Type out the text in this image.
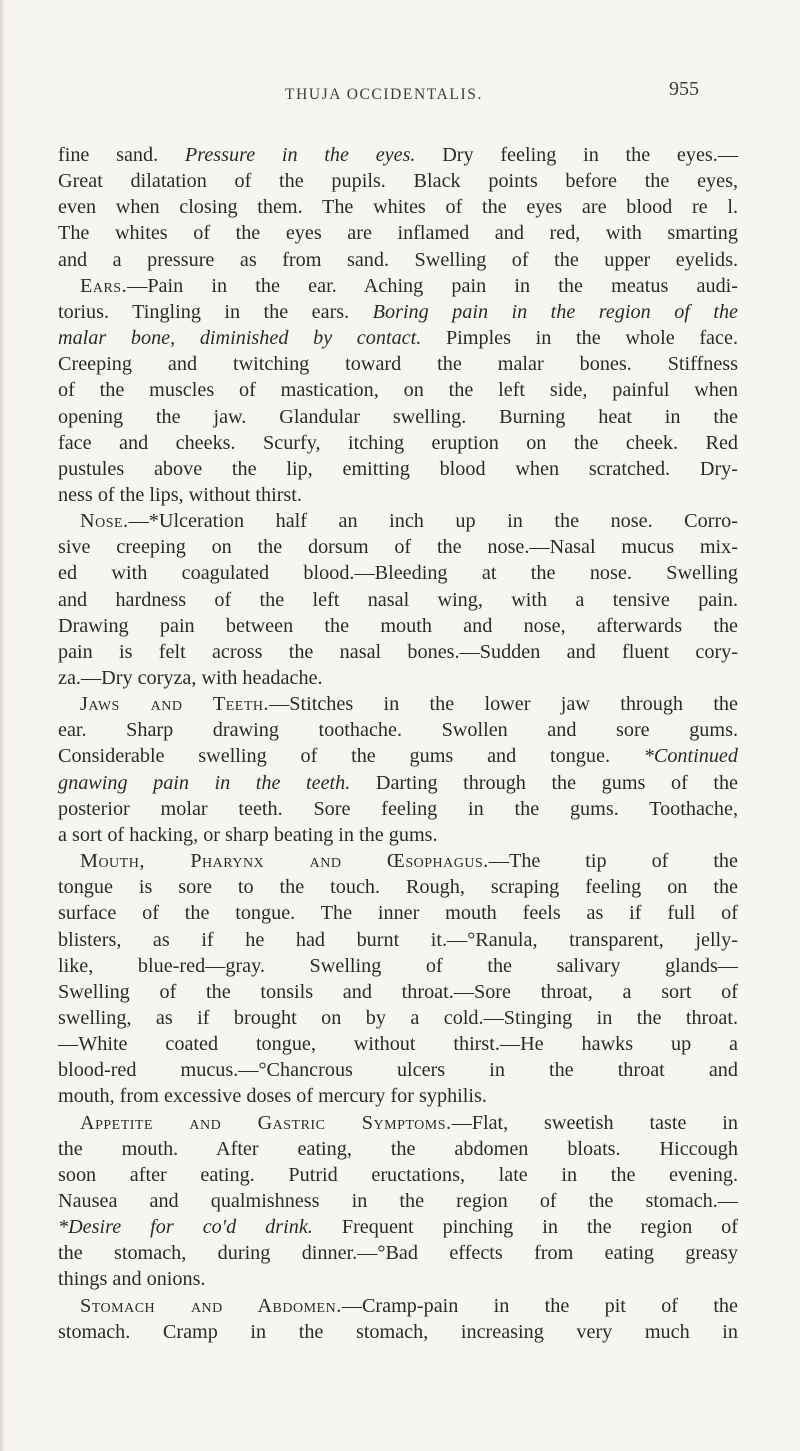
THUJA OCCIDENTALIS.	955
fine sand. Pressure in the eyes. Dry feeling in the eyes.—
Great dilatation of the pupils. Black points before the eyes,
even when closing them. The whites of the eyes are blood re l.
The whites of the eyes are inflamed and red, with smarting
and a pressure as from sand. Swelling of the upper eyelids.
Ears.—Pain in the ear. Aching pain in the meatus audi-
torius. Tingling in the ears. Boring pain in the region of the
malar bone, diminished by contact. Pimples in the whole face.
Creeping and twitching toward the malar bones. Stiffness
of the muscles of mastication, on the left side, painful when
opening the jaw. Glandular swelling. Burning heat in the
face and cheeks. Scurfy, itching eruption on the cheek. Red
pustules above the lip, emitting blood when scratched. Dry-
ness of the lips, without thirst.
Nose.—*Ulceration half an inch up in the nose. Corro-
sive creeping on the dorsum of the nose.—Nasal mucus mix-
ed with coagulated blood.—Bleeding at the nose. Swelling
and hardness of the left nasal wing, with a tensive pain.
Drawing pain between the mouth and nose, afterwards the
pain is felt across the nasal bones.—Sudden and fluent cory-
za.—Dry coryza, with headache.
Jaws and Teeth.—Stitches in the lower jaw through the
ear. Sharp drawing toothache. Swollen and sore gums.
Considerable swelling of the gums and tongue. *Continued
gnawing pain in the teeth. Darting through the gums of the
posterior molar teeth. Sore feeling in the gums. Toothache,
a sort of hacking, or sharp beating in the gums.
Mouth, Pharynx and Œsophagus.—The tip of the
tongue is sore to the touch. Rough, scraping feeling on the
surface of the tongue. The inner mouth feels as if full of
blisters, as if he had burnt it.—°Ranula, transparent, jelly-
like, blue-red—gray. Swelling of the salivary glands—
Swelling of the tonsils and throat.—Sore throat, a sort of
swelling, as if brought on by a cold.—Stinging in the throat.
—White coated tongue, without thirst.—He hawks up a
blood-red mucus.—°Chancrous ulcers in the throat and
mouth, from excessive doses of mercury for syphilis.
Appetite and Gastric Symptoms.—Flat, sweetish taste in
the mouth. After eating, the abdomen bloats. Hiccough
soon after eating. Putrid eructations, late in the evening.
Nausea and qualmishness in the region of the stomach.—
*Desire for co'd drink. Frequent pinching in the region of
the stomach, during dinner.—°Bad effects from eating greasy
things and onions.
Stomach and Abdomen.—Cramp-pain in the pit of the
stomach. Cramp in the stomach, increasing very much in
